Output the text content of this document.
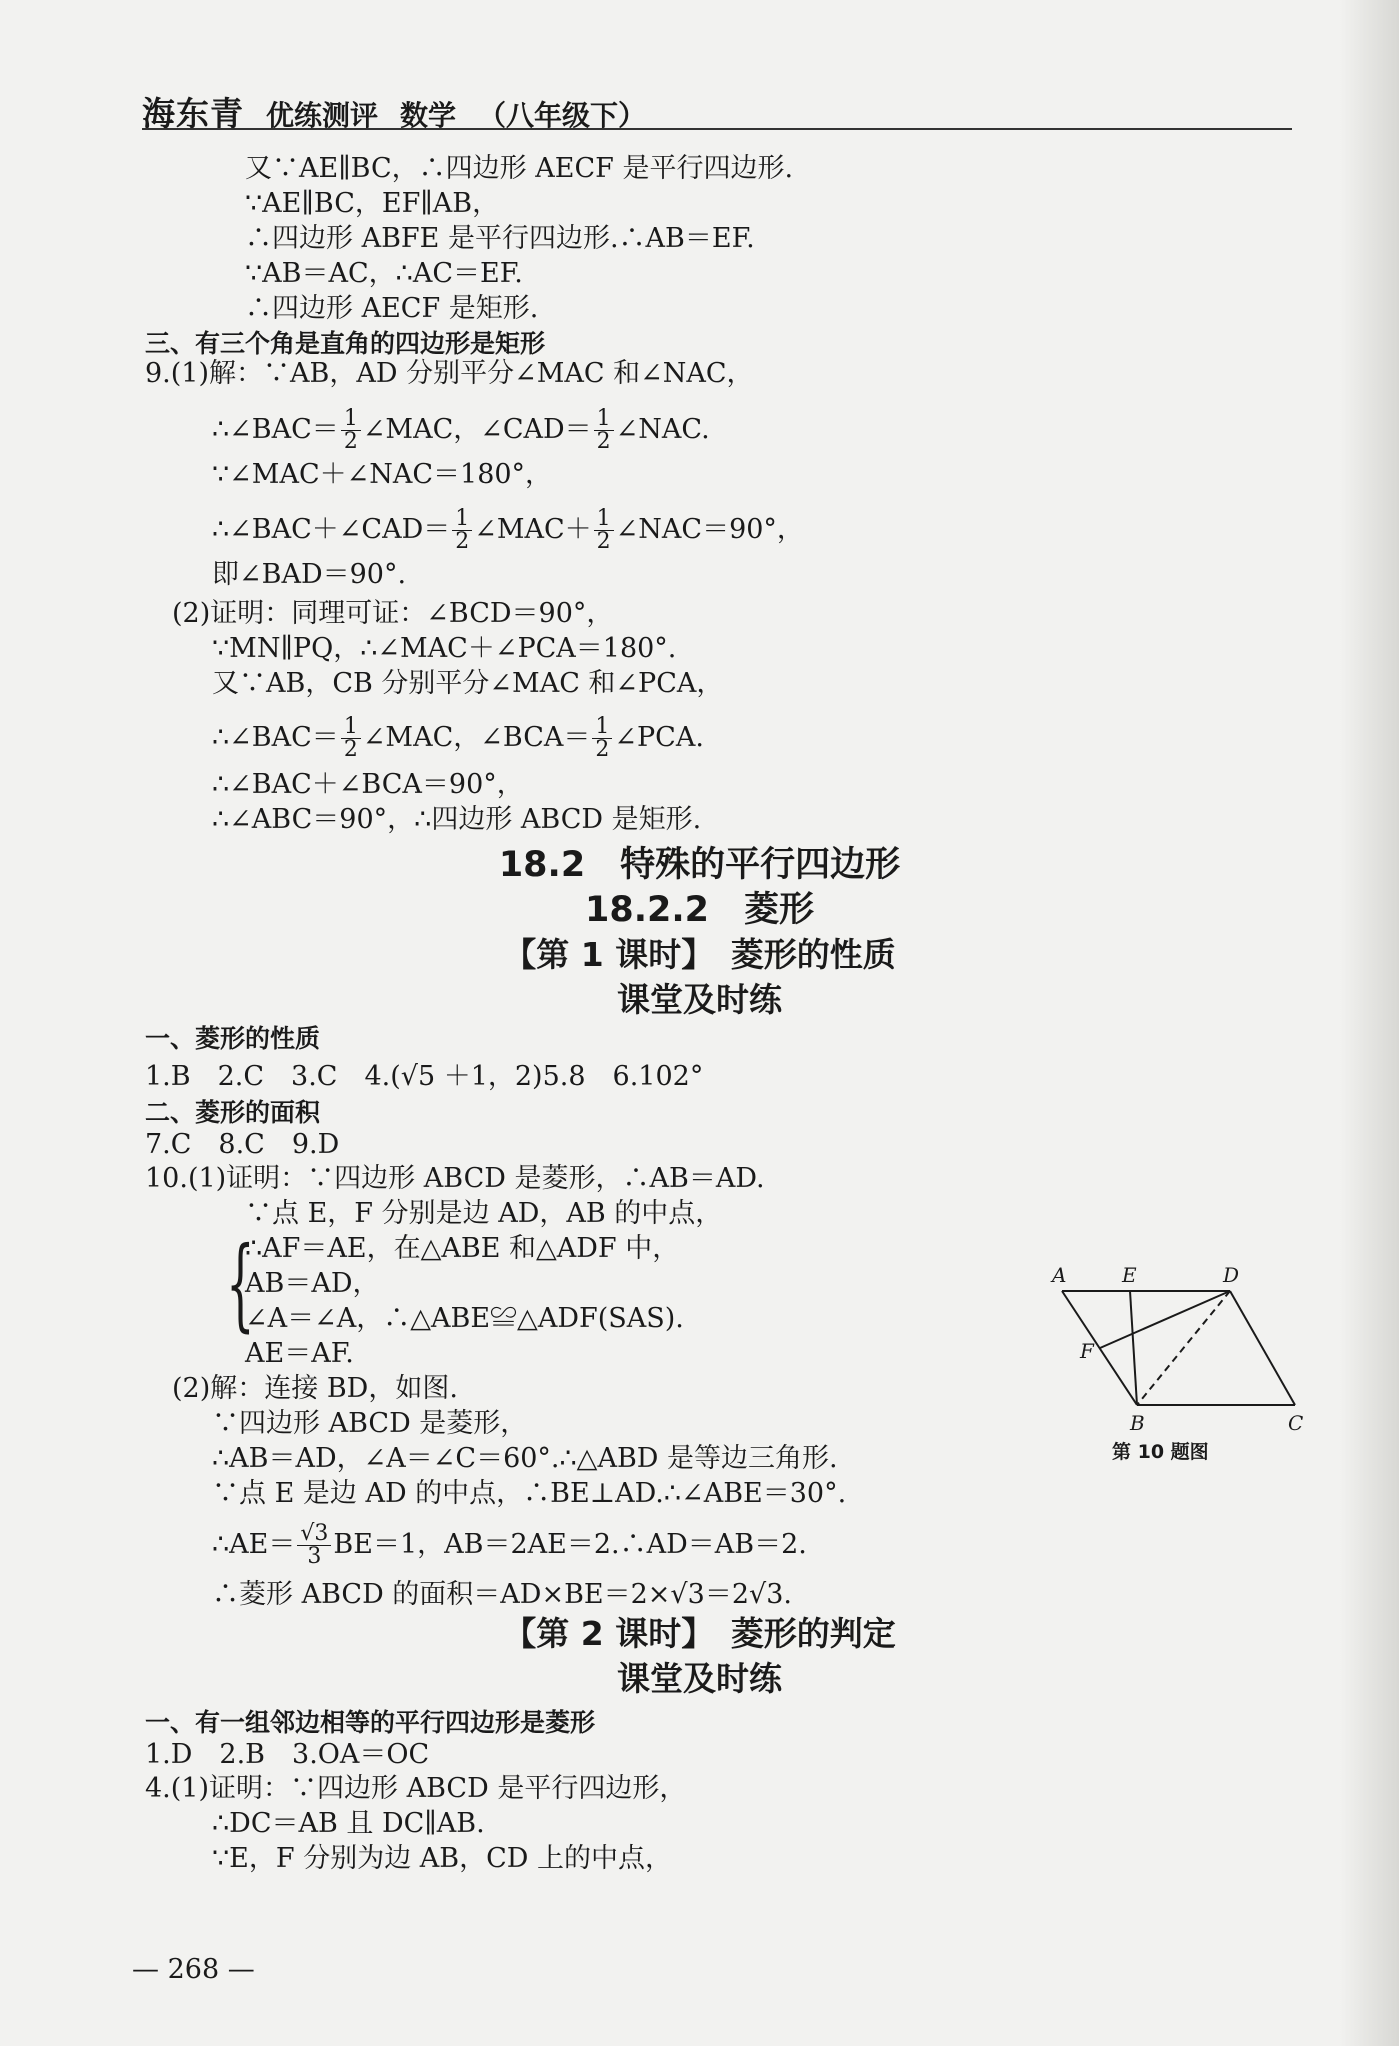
海东青 优练测评 数学 （八年级下）
又∵AE∥BC，∴四边形 AECF 是平行四边形.
∵AE∥BC，EF∥AB，
∴四边形 ABFE 是平行四边形.∴AB＝EF.
∵AB＝AC，∴AC＝EF.
∴四边形 AECF 是矩形.
三、有三个角是直角的四边形是矩形
9.(1)解：∵AB，AD 分别平分∠MAC 和∠NAC，
∴∠BAC＝ $\frac{1}{2}$ ∠MAC，∠CAD＝ $\frac{1}{2}$ ∠NAC.
∵∠MAC＋∠NAC＝180°，
∴∠BAC＋∠CAD＝ $\frac{1}{2}$ ∠MAC＋ $\frac{1}{2}$ ∠NAC＝90°，
即∠BAD＝90°.
(2)证明：同理可证：∠BCD＝90°，
∵MN∥PQ，∴∠MAC＋∠PCA＝180°.
又∵AB，CB 分别平分∠MAC 和∠PCA，
∴∠BAC＝ $\frac{1}{2}$ ∠MAC，∠BCA＝ $\frac{1}{2}$ ∠PCA.
∴∠BAC＋∠BCA＝90°，
∴∠ABC＝90°，∴四边形 ABCD 是矩形.
18.2　特殊的平行四边形
18.2.2　菱形
【第 1 课时】　菱形的性质
课堂及时练
一、菱形的性质
1.B　2.C　3.C　4.(√5 ＋1，2)5.8　6.102°
二、菱形的面积
7.C　8.C　9.D
10.(1)证明：∵四边形 ABCD 是菱形，∴AB＝AD.
∵点 E，F 分别是边 AD，AB 的中点，
∴AF＝AE，在△ABE 和△ADF 中，
{
AB＝AD，
∠A＝∠A，∴△ABE≌△ADF(SAS).
AE＝AF.
(2)解：连接 BD，如图.
∵四边形 ABCD 是菱形，
∴AB＝AD，∠A＝∠C＝60°.∴△ABD 是等边三角形.
∵点 E 是边 AD 的中点，∴BE⊥AD.∴∠ABE＝30°.
∴AE＝ $\frac{√3}{3} BE=1$，AB＝2AE＝2.∴AD＝AB＝2.
∴菱形 ABCD 的面积＝AD×BE＝2×√3＝2√3.
【第 2 课时】　菱形的判定
课堂及时练
一、有一组邻边相等的平行四边形是菱形
1.D　2.B　3.OA＝OC
4.(1)证明：∵四边形 ABCD 是平行四边形，
∴DC＝AB 且 DC∥AB.
∵E，F 分别为边 AB，CD 上的中点，
A	E	D
F
B	C
第 10 题图
— 268 —
